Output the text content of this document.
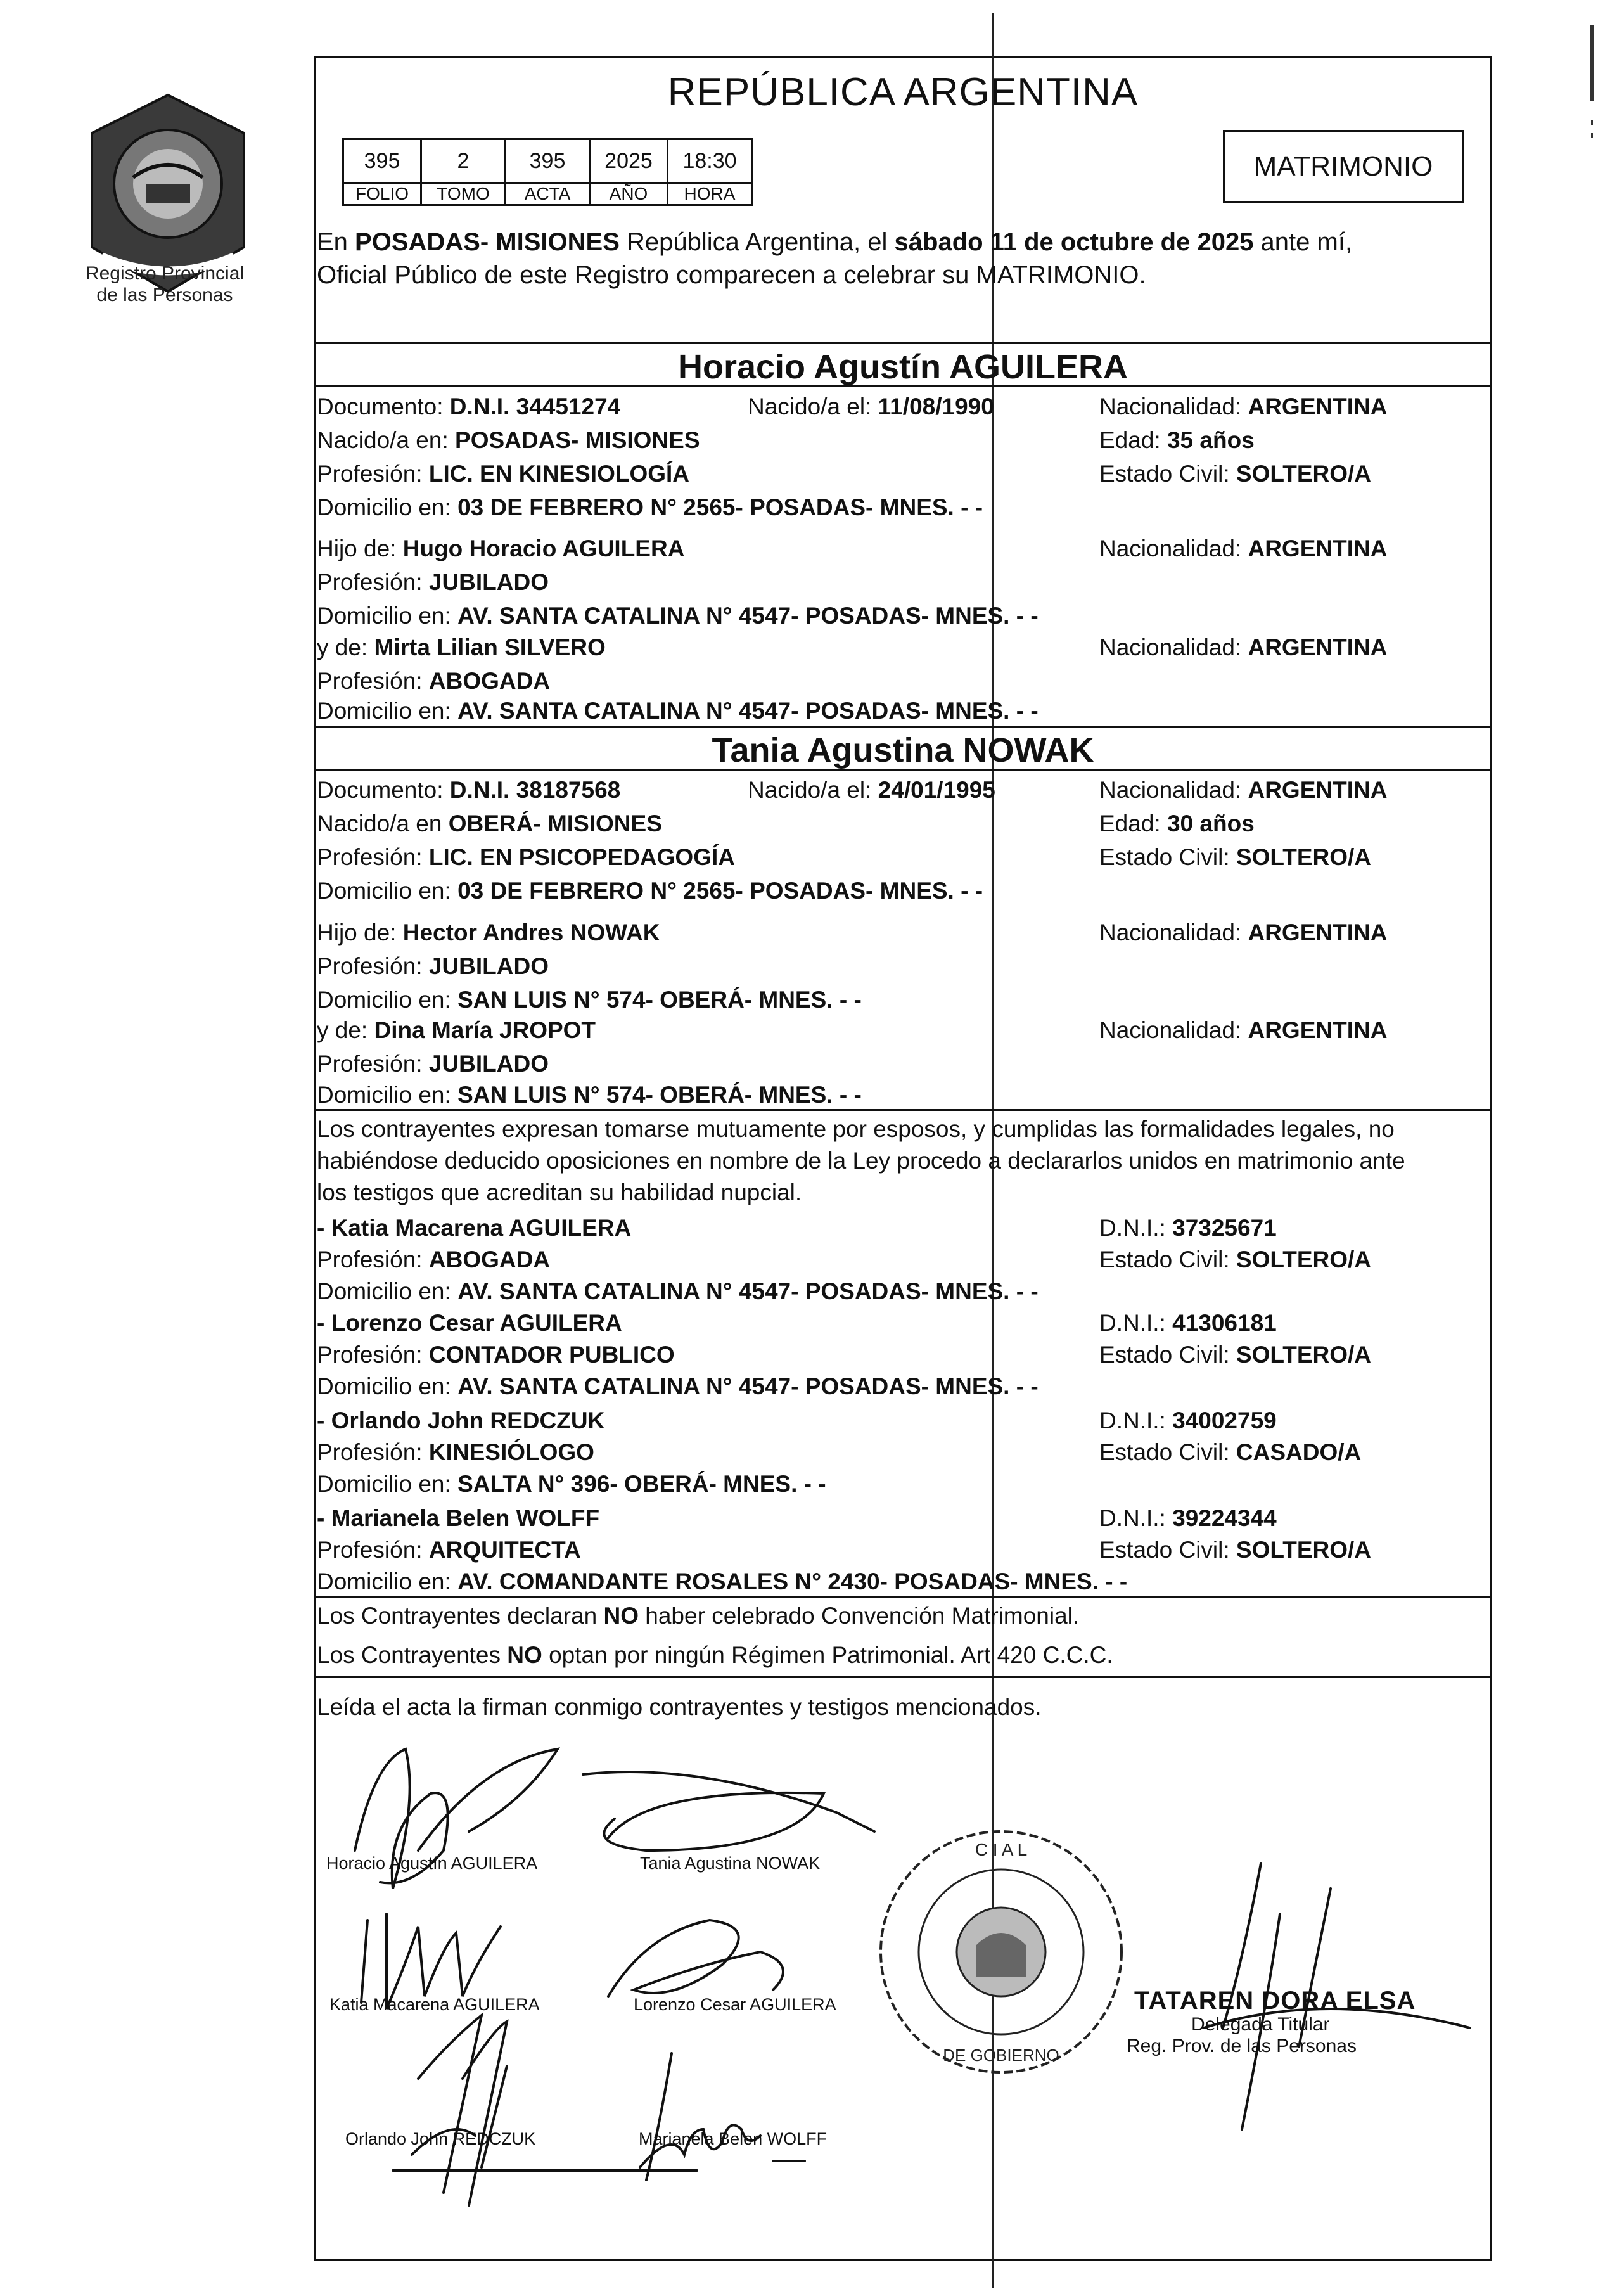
Registro Provincial
de las Personas
REPÚBLICA ARGENTINA
395	2	395	2025	18:30
FOLIO	TOMO	ACTA	AÑO	HORA
MATRIMONIO
En POSADAS- MISIONES República Argentina, el sábado 11 de octubre de 2025 ante mí,
Oficial Público de este Registro comparecen a celebrar su MATRIMONIO.
Horacio Agustín AGUILERA
Documento: D.N.I. 34451274	Nacido/a el: 11/08/1990	Nacionalidad: ARGENTINA
Nacido/a en: POSADAS- MISIONES	Edad: 35 años
Profesión: LIC. EN KINESIOLOGÍA	Estado Civil: SOLTERO/A
Domicilio en: 03 DE FEBRERO N° 2565- POSADAS- MNES. - -
Hijo de: Hugo Horacio AGUILERA	Nacionalidad: ARGENTINA
Profesión: JUBILADO
Domicilio en: AV. SANTA CATALINA N° 4547- POSADAS- MNES. - -
y de: Mirta Lilian SILVERO	Nacionalidad: ARGENTINA
Profesión: ABOGADA
Domicilio en: AV. SANTA CATALINA N° 4547- POSADAS- MNES. - -
Tania Agustina NOWAK
Documento: D.N.I. 38187568	Nacido/a el: 24/01/1995	Nacionalidad: ARGENTINA
Nacido/a en OBERÁ- MISIONES	Edad: 30 años
Profesión: LIC. EN PSICOPEDAGOGÍA	Estado Civil: SOLTERO/A
Domicilio en: 03 DE FEBRERO N° 2565- POSADAS- MNES. - -
Hijo de: Hector Andres NOWAK	Nacionalidad: ARGENTINA
Profesión: JUBILADO
Domicilio en: SAN LUIS N° 574- OBERÁ- MNES. - -
y de: Dina María JROPOT	Nacionalidad: ARGENTINA
Profesión: JUBILADO
Domicilio en: SAN LUIS N° 574- OBERÁ- MNES. - -
Los contrayentes expresan tomarse mutuamente por esposos, y cumplidas las formalidades legales, no
habiéndose deducido oposiciones en nombre de la Ley procedo a declararlos unidos en matrimonio ante
los testigos que acreditan su habilidad nupcial.
- Katia Macarena AGUILERA	D.N.I.: 37325671
Profesión: ABOGADA	Estado Civil: SOLTERO/A
Domicilio en: AV. SANTA CATALINA N° 4547- POSADAS- MNES. - -
- Lorenzo Cesar AGUILERA	D.N.I.: 41306181
Profesión: CONTADOR PUBLICO	Estado Civil: SOLTERO/A
Domicilio en: AV. SANTA CATALINA N° 4547- POSADAS- MNES. - -
- Orlando John REDCZUK	D.N.I.: 34002759
Profesión: KINESIÓLOGO	Estado Civil: CASADO/A
Domicilio en: SALTA N° 396- OBERÁ- MNES. - -
- Marianela Belen WOLFF	D.N.I.: 39224344
Profesión: ARQUITECTA	Estado Civil: SOLTERO/A
Domicilio en: AV. COMANDANTE ROSALES N° 2430- POSADAS- MNES. - -
Los Contrayentes declaran NO haber celebrado Convención Matrimonial.
Los Contrayentes NO optan por ningún Régimen Patrimonial. Art 420 C.C.C.
Leída el acta la firman conmigo contrayentes y testigos mencionados.
Horacio Agustín AGUILERA	Tania Agustina NOWAK
Katia Macarena AGUILERA	Lorenzo Cesar AGUILERA
Orlando John REDCZUK	Marianela Belen WOLFF
C I A L
DE GOBIERNO
TATAREN DORA ELSA
Delegada Titular
Reg. Prov. de las Personas
